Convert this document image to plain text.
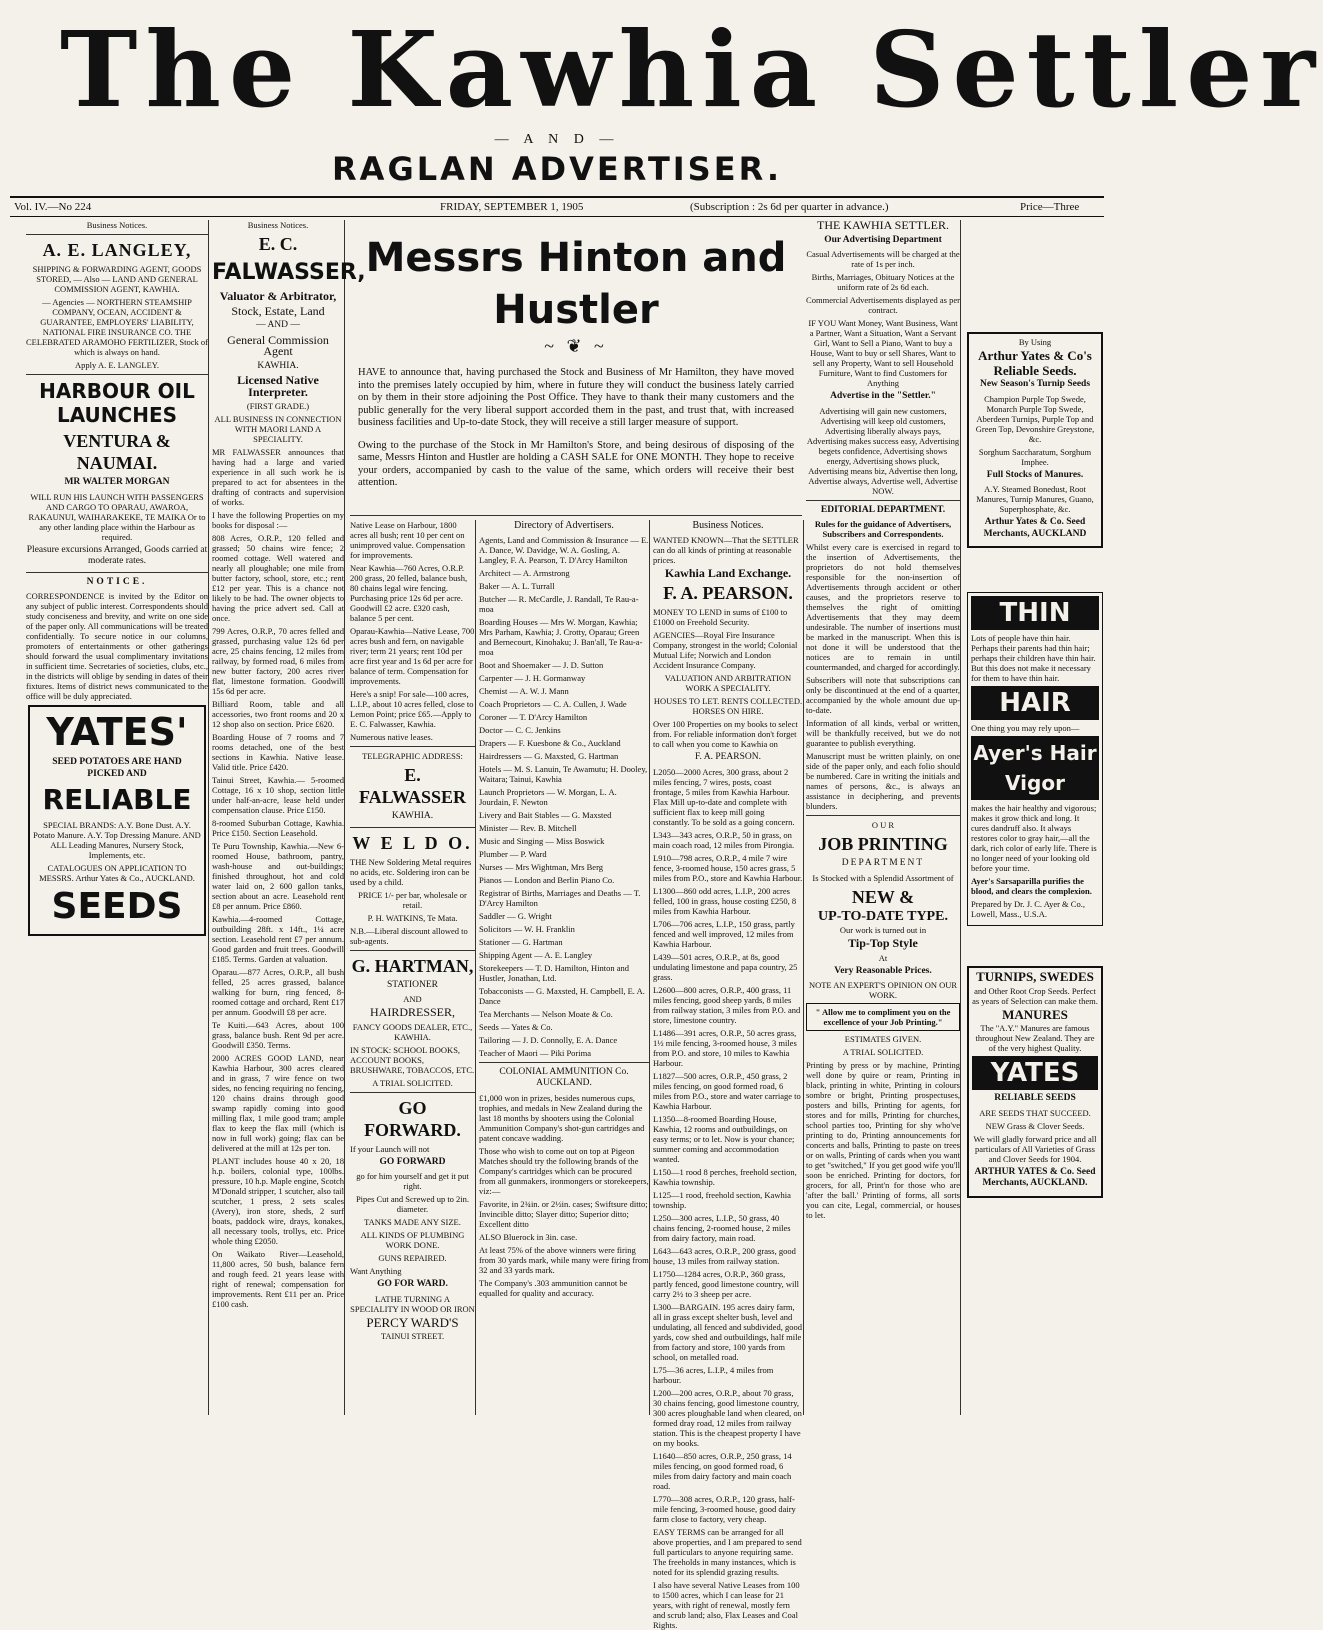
The Kawhia Settler
— A N D —
RAGLAN ADVERTISER.
Vol. IV.—No 224	FRIDAY, SEPTEMBER 1, 1905	(Subscription : 2s 6d per quarter in advance.)	Price—Three

Business Notices.

A. E. LANGLEY,

SHIPPING & FORWARDING AGENT, GOODS STORED, — Also — LAND AND GENERAL COMMISSION AGENT, KAWHIA.

— Agencies — NORTHERN STEAMSHIP COMPANY, OCEAN, ACCIDENT & GUARANTEE, EMPLOYERS' LIABILITY, NATIONAL FIRE INSURANCE CO. THE CELEBRATED ARAMOHO FERTILIZER, Stock of which is always on hand.

Apply A. E. LANGLEY.

HARBOUR OIL LAUNCHES

VENTURA & NAUMAI.

MR WALTER MORGAN

WILL RUN HIS LAUNCH WITH PASSENGERS AND CARGO TO OPARAU, AWAROA, RAKAUNUI, WAIHARAKEKE, TE MAIKA Or to any other landing place within the Harbour as required.

Pleasure excursions Arranged, Goods carried at moderate rates.

NOTICE.

CORRESPONDENCE is invited by the Editor on any subject of public interest. Correspondents should study conciseness and brevity, and write on one side of the paper only. All communications will be treated confidentially. To secure notice in our columns, promoters of entertainments or other gatherings should forward the usual complimentary invitations in sufficient time. Secretaries of societies, clubs, etc., in the districts will oblige by sending in dates of their fixtures. Items of district news communicated to the office will be duly appreciated.

YATES'

SEED POTATOES ARE HAND PICKED AND

RELIABLE

SPECIAL BRANDS: A.Y. Bone Dust. A.Y. Potato Manure. A.Y. Top Dressing Manure. AND ALL Leading Manures, Nursery Stock, Implements, etc.

CATALOGUES ON APPLICATION TO MESSRS. Arthur Yates & Co., AUCKLAND.

SEEDS

Business Notices.

E. C.

FALWASSER,

Valuator & Arbitrator,

Stock, Estate, Land

— AND —

General Commission Agent

KAWHIA.

Licensed Native Interpreter.

(FIRST GRADE.)

ALL BUSINESS IN CONNECTION WITH MAORI LAND A SPECIALITY.

MR FALWASSER announces that having had a large and varied experience in all such work he is prepared to act for absentees in the drafting of contracts and supervision of works.

I have the following Properties on my books for disposal :—

808 Acres, O.R.P., 120 felled and grassed; 50 chains wire fence; 2 roomed cottage. Well watered and nearly all ploughable; one mile from butter factory, school, store, etc.; rent £12 per year. This is a chance not likely to be had. The owner objects to having the price advert sed. Call at once.

799 Acres, O.R.P., 70 acres felled and grassed, purchasing value 12s 6d per acre, 25 chains fencing, 12 miles from railway, by formed road, 6 miles from new butter factory, 200 acres river flat, limestone formation. Goodwill 15s 6d per acre.

Billiard Room, table and all accessories, two front rooms and 20 x 12 shop also on section. Price £620.

Boarding House of 7 rooms and 7 rooms detached, one of the best sections in Kawhia. Native lease. Valid title. Price £420.

Tainui Street, Kawhia.— 5-roomed Cottage, 16 x 10 shop, section little under half-an-acre, lease held under compensation clause. Price £150.

8-roomed Suburban Cottage, Kawhia. Price £150. Section Leasehold.

Te Puru Township, Kawhia.—New 6-roomed House, bathroom, pantry, wash-house and out-buildings; finished throughout, hot and cold water laid on, 2 600 gallon tanks, section about an acre. Leasehold rent £8 per annum. Price £860.

Kawhia.—4-roomed Cottage, outbuilding 28ft. x 14ft., 1¼ acre section. Leasehold rent £7 per annum. Good garden and fruit trees. Goodwill £185. Terms. Garden at valuation.

Oparau.—877 Acres, O.R.P., all bush felled, 25 acres grassed, balance walking for burn, ring fenced, 8-roomed cottage and orchard, Rent £17 per annum. Goodwill £8 per acre.

Te Kuiti.—643 Acres, about 100 grass, balance bush. Rent 9d per acre. Goodwill £350. Terms.

2000 ACRES GOOD LAND, near Kawhia Harbour, 300 acres cleared and in grass, 7 wire fence on two sides, no fencing requiring no fencing, 120 chains drains through good swamp rapidly coming into good milling flax, 1 mile good tram; ample flax to keep the flax mill (which is now in full work) going; flax can be delivered at the mill at 12s per ton.

PLANT includes house 40 x 20, 18 h.p. boilers, colonial type, 100lbs. pressure, 10 h.p. Maple engine, Scotch M'Donald stripper, 1 scutcher, also tail scutcher, 1 press, 2 sets scales (Avery), iron store, sheds, 2 surf boats, paddock wire, drays, konakes, all necessary tools, trollys, etc. Price whole thing £2050.

On Waikato River—Leasehold, 11,800 acres, 50 bush, balance fern and rough feed. 21 years lease with right of renewal; compensation for improvements. Rent £11 per an. Price £100 cash.

Messrs Hinton and Hustler
~ ❦ ~

HAVE to announce that, having purchased the Stock and Business of Mr Hamilton, they have moved into the premises lately occupied by him, where in future they will conduct the business lately carried on by them in their store adjoining the Post Office. They have to thank their many customers and the public generally for the very liberal support accorded them in the past, and trust that, with increased business facilities and Up-to-date Stock, they will receive a still larger measure of support.

Owing to the purchase of the Stock in Mr Hamilton's Store, and being desirous of disposing of the same, Messrs Hinton and Hustler are holding a CASH SALE for ONE MONTH. They hope to receive your orders, accompanied by cash to the value of the same, which orders will receive their best attention.

Native Lease on Harbour, 1800 acres all bush; rent 10 per cent on unimproved value. Compensation for improvements.

Near Kawhia—760 Acres, O.R.P. 200 grass, 20 felled, balance bush, 80 chains legal wire fencing. Purchasing price 12s 6d per acre. Goodwill £2 acre. £320 cash, balance 5 per cent.

Oparau-Kawhia—Native Lease, 700 acres bush and fern, on navigable river; term 21 years; rent 10d per acre first year and 1s 6d per acre for balance of term. Compensation for improvements.

Here's a snip! For sale—100 acres, L.I.P., about 10 acres felled, close to Lemon Point; price £65.—Apply to E. C. Falwasser, Kawhia.

Numerous native leases.

TELEGRAPHIC ADDRESS:

E. FALWASSER

KAWHIA.

W E L D O.

THE New Soldering Metal requires no acids, etc. Soldering iron can be used by a child.

PRICE 1/- per bar, wholesale or retail.

P. H. WATKINS, Te Mata.

N.B.—Liberal discount allowed to sub-agents.

G. HARTMAN,

STATIONER

AND

HAIRDRESSER,

FANCY GOODS DEALER, ETC., KAWHIA.

IN STOCK: SCHOOL BOOKS, ACCOUNT BOOKS, BRUSHWARE, TOBACCOS, ETC.

A TRIAL SOLICITED.

GO FORWARD.

If your Launch will not

GO FORWARD

go for him yourself and get it put right.

Pipes Cut and Screwed up to 2in. diameter.

TANKS MADE ANY SIZE.

ALL KINDS OF PLUMBING WORK DONE.

GUNS REPAIRED.

Want Anything

GO FOR WARD.

LATHE TURNING A SPECIALITY IN WOOD OR IRON

PERCY WARD'S

TAINUI STREET.

Directory of Advertisers.

Agents, Land and Commission & Insurance — E. A. Dance, W. Davidge, W. A. Gosling, A. Langley, F. A. Pearson, T. D'Arcy Hamilton

Architect — A. Armstrong

Baker — A. L. Turrall

Butcher — R. McCardle, J. Randall, Te Rau-a-moa

Boarding Houses — Mrs W. Morgan, Kawhia; Mrs Parham, Kawhia; J. Crotty, Oparau; Green and Bernecourt, Kinohaku; J. Ban'all, Te Rau-a-moa

Boot and Shoemaker — J. D. Sutton

Carpenter — J. H. Gormanway

Chemist — A. W. J. Mann

Coach Proprietors — C. A. Cullen, J. Wade

Coroner — T. D'Arcy Hamilton

Doctor — C. C. Jenkins

Drapers — F. Kuesbone & Co., Auckland

Hairdressers — G. Maxsted, G. Hartman

Hotels — M. S. Lanuin, Te Awamutu; H. Dooley, Waitara; Tainui, Kawhia

Launch Proprietors — W. Morgan, L. A. Jourdain, F. Newton

Livery and Bait Stables — G. Maxsted

Minister — Rev. B. Mitchell

Music and Singing — Miss Boswick

Plumber — P. Ward

Nurses — Mrs Wightman, Mrs Berg

Pianos — London and Berlin Piano Co.

Registrar of Births, Marriages and Deaths — T. D'Arcy Hamilton

Saddler — G. Wright

Solicitors — W. H. Franklin

Stationer — G. Hartman

Shipping Agent — A. E. Langley

Storekeepers — T. D. Hamilton, Hinton and Hustler, Jonathan, Ltd.

Tobacconists — G. Maxsted, H. Campbell, E. A. Dance

Tea Merchants — Nelson Moate & Co.

Seeds — Yates & Co.

Tailoring — J. D. Connolly, E. A. Dance

Teacher of Maori — Piki Porima

COLONIAL AMMUNITION Co. AUCKLAND.

£1,000 won in prizes, besides numerous cups, trophies, and medals in New Zealand during the last 18 months by shooters using the Colonial Ammunition Company's shot-gun cartridges and patent concave wadding.

Those who wish to come out on top at Pigeon Matches should try the following brands of the Company's cartridges which can be procured from all gunmakers, ironmongers or storekeepers, viz:—

Favorite, in 2¾in. or 2½in. cases; Swiftsure ditto; Invincible ditto; Slayer ditto; Superior ditto; Excellent ditto

ALSO Bluerock in 3in. case.

At least 75% of the above winners were firing from 30 yards mark, while many were firing from 32 and 33 yards mark.

The Company's .303 ammunition cannot be equalled for quality and accuracy.

Business Notices.

WANTED KNOWN—That the SETTLER can do all kinds of printing at reasonable prices.

Kawhia Land Exchange.

F. A. PEARSON.

MONEY TO LEND in sums of £100 to £1000 on Freehold Security.

AGENCIES—Royal Fire Insurance Company, strongest in the world; Colonial Mutual Life; Norwich and London Accident Insurance Company.

VALUATION AND ARBITRATION WORK A SPECIALITY.

HOUSES TO LET. RENTS COLLECTED. HORSES ON HIRE.

Over 100 Properties on my books to select from. For reliable information don't forget to call when you come to Kawhia on

F. A. PEARSON.

L2050—2000 Acres, 300 grass, about 2 miles fencing, 7 wires, posts, coast frontage, 5 miles from Kawhia Harbour. Flax Mill up-to-date and complete with sufficient flax to keep mill going constantly. To be sold as a going concern.

L343—343 acres, O.R.P., 50 in grass, on main coach road, 12 miles from Pirongia.

L910—798 acres, O.R.P., 4 mile 7 wire fence, 3-roomed house, 150 acres grass, 5 miles from P.O., store and Kawhia Harbour.

L1300—860 odd acres, L.I.P., 200 acres felled, 100 in grass, house costing £250, 8 miles from Kawhia Harbour.

L706—706 acres, L.I.P., 150 grass, partly fenced and well improved, 12 miles from Kawhia Harbour.

L439—501 acres, O.R.P., at 8s, good undulating limestone and papa country, 25 grass.

L2600—800 acres, O.R.P., 400 grass, 11 miles fencing, good sheep yards, 8 miles from railway station, 3 miles from P.O. and store, limestone country.

L1486—391 acres, O.R.P., 50 acres grass, 1½ mile fencing, 3-roomed house, 3 miles from P.O. and store, 10 miles to Kawhia Harbour.

L1827—500 acres, O.R.P., 450 grass, 2 miles fencing, on good formed road, 6 miles from P.O., store and water carriage to Kawhia Harbour.

L1350—8-roomed Boarding House, Kawhia, 12 rooms and outbuildings, on easy terms; or to let. Now is your chance; summer coming and accommodation wanted.

L150—1 rood 8 perches, freehold section, Kawhia township.

L125—1 rood, freehold section, Kawhia township.

L250—300 acres, L.I.P., 50 grass, 40 chains fencing, 2-roomed house, 2 miles from dairy factory, main road.

L643—643 acres, O.R.P., 200 grass, good house, 13 miles from railway station.

L1750—1284 acres, O.R.P., 360 grass, partly fenced, good limestone country, will carry 2½ to 3 sheep per acre.

L300—BARGAIN. 195 acres dairy farm, all in grass except shelter bush, level and undulating, all fenced and subdivided, good yards, cow shed and outbuildings, half mile from factory and store, 100 yards from school, on metalled road.

L75—36 acres, L.I.P., 4 miles from harbour.

L200—200 acres, O.R.P., about 70 grass, 30 chains fencing, good limestone country, 300 acres ploughable land when cleared, on formed dray road, 12 miles from railway station. This is the cheapest property I have on my books.

L1640—850 acres, O.R.P., 250 grass, 14 miles fencing, on good formed road, 6 miles from dairy factory and main coach road.

L770—308 acres, O.R.P., 120 grass, half-mile fencing, 3-roomed house, good dairy farm close to factory, very cheap.

EASY TERMS can be arranged for all above properties, and I am prepared to send full particulars to anyone requiring same. The freeholds in many instances, which is noted for its splendid grazing results.

I also have several Native Leases from 100 to 1500 acres, which I can lease for 21 years, with right of renewal, mostly fern and scrub land; also, Flax Leases and Coal Rights.

THE KAWHIA SETTLER.

Our Advertising Department

Casual Advertisements will be charged at the rate of 1s per inch.

Births, Marriages, Obituary Notices at the uniform rate of 2s 6d each.

Commercial Advertisements displayed as per contract.

IF YOU Want Money, Want Business, Want a Partner, Want a Situation, Want a Servant Girl, Want to Sell a Piano, Want to buy a House, Want to buy or sell Shares, Want to sell any Property, Want to sell Household Furniture, Want to find Customers for Anything

Advertise in the "Settler."

Advertising will gain new customers, Advertising will keep old customers, Advertising liberally always pays, Advertising makes success easy, Advertising begets confidence, Advertising shows energy, Advertising shows pluck, Advertising means biz, Advertise then long, Advertise always, Advertise well, Advertise NOW.

EDITORIAL DEPARTMENT.

Rules for the guidance of Advertisers, Subscribers and Correspondents.

Whilst every care is exercised in regard to the insertion of Advertisements, the proprietors do not hold themselves responsible for the non-insertion of Advertisements through accident or other causes, and the proprietors reserve to themselves the right of omitting Advertisements that they may deem undesirable. The number of insertions must be marked in the manuscript. When this is not done it will be understood that the notices are to remain in until countermanded, and charged for accordingly.

Subscribers will note that subscriptions can only be discontinued at the end of a quarter, accompanied by the whole amount due up-to-date.

Information of all kinds, verbal or written, will be thankfully received, but we do not guarantee to publish everything.

Manuscript must be written plainly, on one side of the paper only, and each folio should be numbered. Care in writing the initials and names of persons, &c., is always an assistance in deciphering, and prevents blunders.

O U R

JOB PRINTING

DEPARTMENT

Is Stocked with a Splendid Assortment of

NEW &

UP-TO-DATE TYPE.

Our work is turned out in

Tip-Top Style

At

Very Reasonable Prices.

NOTE AN EXPERT'S OPINION ON OUR WORK.

" Allow me to compliment you on the excellence of your Job Printing."

ESTIMATES GIVEN.

A TRIAL SOLICITED.

Printing by press or by machine, Printing well done by quire or ream, Printing in black, printing in white, Printing in colours sombre or bright, Printing prospectuses, posters and bills, Printing for agents, for stores and for mills, Printing for churches, school parties too, Printing for shy who've printing to do, Printing announcements for concerts and balls, Printing to paste on trees or on walls, Printing of cards when you want to get "switched," If you get good wife you'll soon be enriched. Printing for doctors, for grocers, for all, Print'n for those who are 'after the ball.' Printing of forms, all sorts you can cite, Legal, commercial, or houses to let.

By Using

Arthur Yates & Co's

Reliable Seeds.

New Season's Turnip Seeds

Champion Purple Top Swede, Monarch Purple Top Swede, Aberdeen Turnips, Purple Top and Green Top, Devonshire Greystone, &c.

Sorghum Saccharatum, Sorghum Imphee.

Full Stocks of Manures.

A.Y. Steamed Bonedust, Root Manures, Turnip Manures, Guano, Superphosphate, &c.

Arthur Yates & Co. Seed Merchants, AUCKLAND

THIN

Lots of people have thin hair. Perhaps their parents had thin hair; perhaps their children have thin hair. But this does not make it necessary for them to have thin hair.

HAIR

One thing you may rely upon—

Ayer's Hair Vigor

makes the hair healthy and vigorous; makes it grow thick and long. It cures dandruff also. It always restores color to gray hair,—all the dark, rich color of early life. There is no longer need of your looking old before your time.

Ayer's Sarsaparilla purifies the blood, and clears the complexion.

Prepared by Dr. J. C. Ayer & Co., Lowell, Mass., U.S.A.

TURNIPS, SWEDES

and Other Root Crop Seeds. Perfect as years of Selection can make them.

MANURES

The "A.Y." Manures are famous throughout New Zealand. They are of the very highest Quality.

YATES

RELIABLE SEEDS

ARE SEEDS THAT SUCCEED.

NEW Grass & Clover Seeds.

We will gladly forward price and all particulars of All Varieties of Grass and Clover Seeds for 1904.

ARTHUR YATES & Co. Seed Merchants, AUCKLAND.
